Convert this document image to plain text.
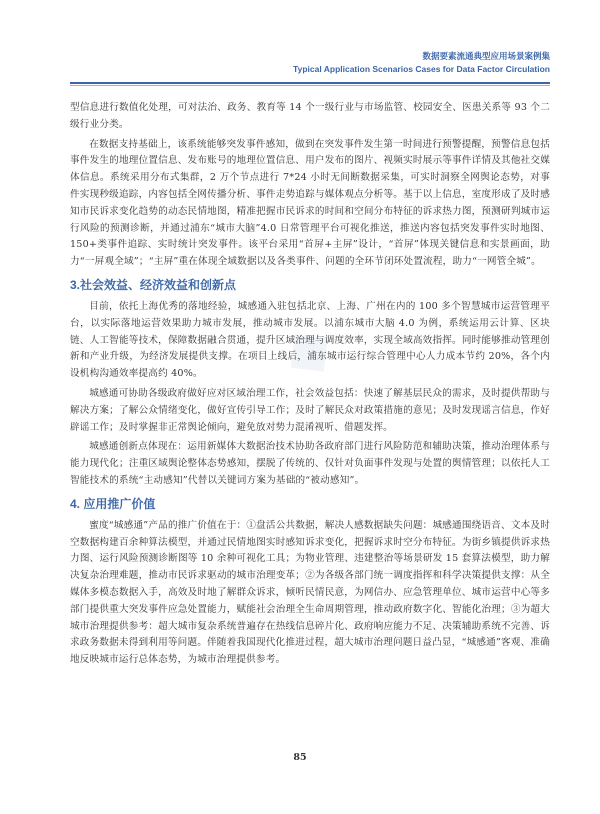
数据要素流通典型应用场景案例集
Typical Application Scenarios Cases for Data Factor Circulation
◆

型信息进行数值化处理，可对法治、政务、教育等 14 个一级行业与市场监管、校园安全、医患关系等 93 个二级行业分类。

在数据支持基础上，该系统能够突发事件感知，做到在突发事件发生第一时间进行预警提醒，预警信息包括事件发生的地理位置信息、发布账号的地理位置信息、用户发布的图片、视频实时展示等事件详情及其他社交媒体信息。系统采用分布式集群，2 万个节点进行 7*24 小时无间断数据采集，可实时洞察全网舆论态势，对事件实现秒级追踪，内容包括全网传播分析、事件走势追踪与媒体观点分析等。基于以上信息，室度形成了及时感知市民诉求变化趋势的动态民情地图，精准把握市民诉求的时间和空间分布特征的诉求热力图，预测研判城市运行风险的预测诊断，并通过浦东“城市大脑”4.0 日常管理平台可视化推送，推送内容包括突发事件实时地图、150+类事件追踪、实时统计突发事件。该平台采用“首屏+主屏”设计，“首屏”体现关键信息和实景画面，助力“一屏观全域”；“主屏”重在体现全域数据以及各类事件、问题的全环节闭环处置流程，助力“一网管全城”。

3.社会效益、经济效益和创新点

目前，依托上海优秀的落地经验，城感通入驻包括北京、上海、广州在内的 100 多个智慧城市运营管理平台，以实际落地运营效果助力城市发展，推动城市发展。以浦东城市大脑 4.0 为例，系统运用云计算、区块链、人工智能等技术，保障数据融合贯通，提升区域治理与调度效率，实现全域高效指挥。同时能够推动管理创新和产业升级，为经济发展提供支撑。在项目上线后，浦东城市运行综合管理中心人力成本节约 20%，各个内设机构沟通效率提高约 40%。

城感通可协助各级政府做好应对区域治理工作，社会效益包括：快速了解基层民众的需求，及时提供帮助与解决方案；了解公众情绪变化，做好宣传引导工作；及时了解民众对政策措施的意见；及时发现谣言信息，作好辟谣工作；及时掌握非正常舆论倾向，避免放对势力混淆视听、借题发挥。

城感通创新点体现在：运用新媒体大数据治技术协助各政府部门进行风险防范和辅助决策，推动治理体系与能力现代化；注重区域舆论整体态势感知，摆脱了传统的、仅针对负面事件发现与处置的舆情管理；以依托人工智能技术的系统“主动感知”代替以关键词方案为基础的“被动感知”。

4. 应用推广价值

蜜度“城感通”产品的推广价值在于：①盘活公共数据，解决人感数据缺失问题：城感通围绕语音、文本及时空数据构建百余种算法模型，并通过民情地图实时感知诉求变化，把握诉求时空分布特征。为街乡镇提供诉求热力图、运行风险预测诊断图等 10 余种可视化工具；为物业管理、违建整治等场景研发 15 套算法模型，助力解决复杂治理难题，推动市民诉求驱动的城市治理变革；②为各级各部门统一调度指挥和科学决策提供支撑：从全媒体多模态数据入手，高效及时地了解群众诉求，倾听民情民意，为网信办、应急管理单位、城市运营中心等多部门提供重大突发事件应急处置能力，赋能社会治理全生命周期管理，推动政府数字化、智能化治理；③为超大城市治理提供参考：超大城市复杂系统普遍存在热线信息碎片化、政府响应能力不足、决策辅助系统不完善、诉求政务数据未得到利用等问题。伴随着我国现代化推进过程，超大城市治理问题日益凸显，“城感通”客观、准确地反映城市运行总体态势，为城市治理提供参考。

85
